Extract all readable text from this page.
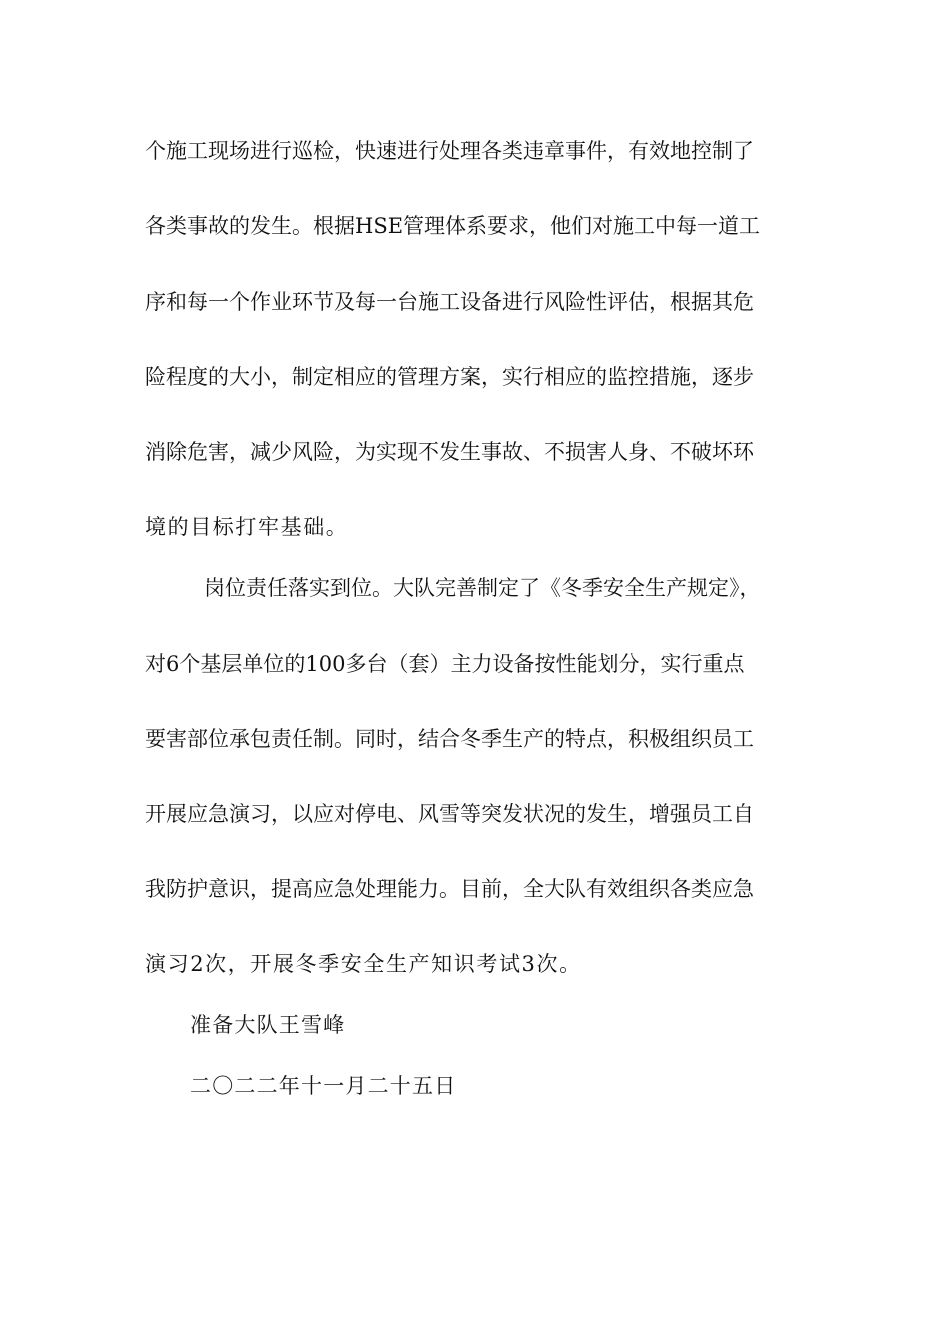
个施工现场进行巡检，快速进行处理各类违章事件，有效地控制了
各类事故的发生。根据HSE管理体系要求，他们对施工中每一道工
序和每一个作业环节及每一台施工设备进行风险性评估，根据其危
险程度的大小，制定相应的管理方案，实行相应的监控措施，逐步
消除危害，减少风险，为实现不发生事故、不损害人身、不破坏环
境的目标打牢基础。
岗位责任落实到位。大队完善制定了《冬季安全生产规定》，
对6个基层单位的100多台（套）主力设备按性能划分，实行重点
要害部位承包责任制。同时，结合冬季生产的特点，积极组织员工
开展应急演习，以应对停电、风雪等突发状况的发生，增强员工自
我防护意识，提高应急处理能力。目前，全大队有效组织各类应急
演习2次，开展冬季安全生产知识考试3次。
准备大队王雪峰
二〇二二年十一月二十五日
